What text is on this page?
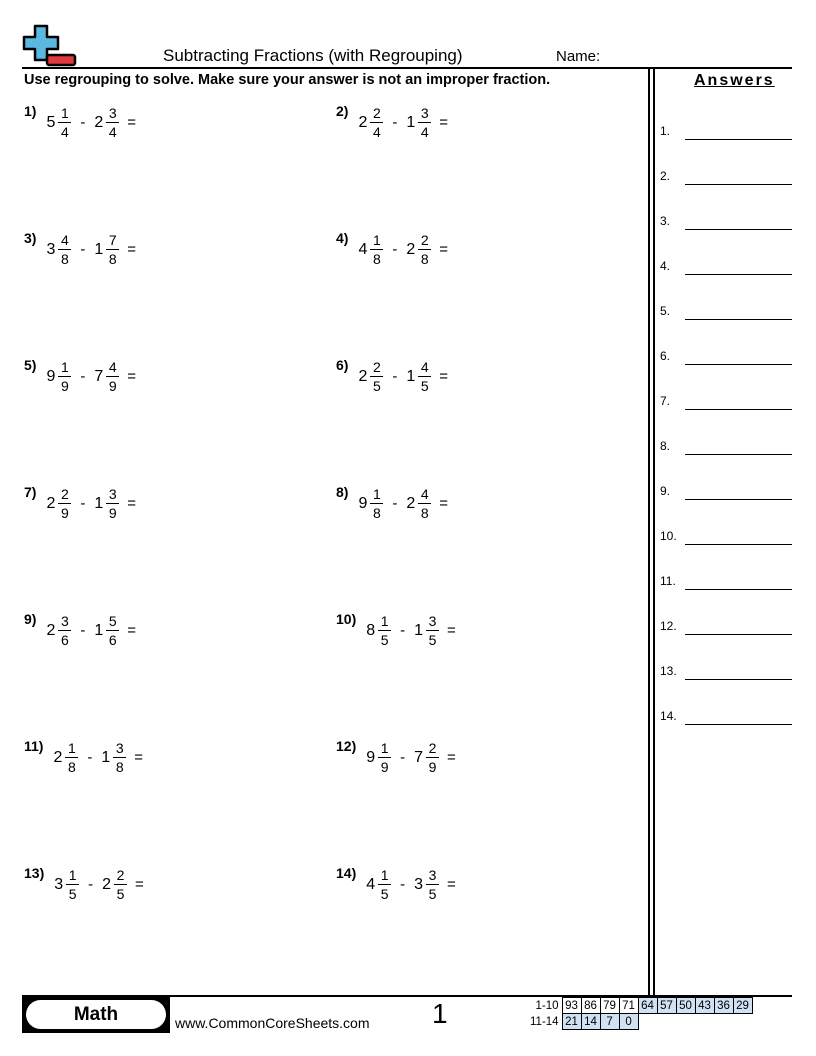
Subtracting Fractions (with Regrouping)	Name:
Use regrouping to solve. Make sure your answer is not an improper fraction.
1)
$5 \frac{1}{4} - 2 \frac{3}{4}$ =
2)
$2 \frac{2}{4} - 1 \frac{3}{4}$ =
3)
$3 \frac{4}{8} - 1 \frac{7}{8}$ =
4)
$4 \frac{1}{8} - 2 \frac{2}{8}$ =
5)
$9 \frac{1}{9} - 7 \frac{4}{9}$ =
6)
$2 \frac{2}{5} - 1 \frac{4}{5}$ =
7)
$2 \frac{2}{9} - 1 \frac{3}{9}$ =
8)
$9 \frac{1}{8} - 2 \frac{4}{8}$ =
9)
$2 \frac{3}{6} - 1 \frac{5}{6}$ =
10)
$8 \frac{1}{5} - 1 \frac{3}{5}$ =
11)
$2 \frac{1}{8} - 1 \frac{3}{8}$ =
12)
$9 \frac{1}{9} - 7 \frac{2}{9}$ =
13)
$3 \frac{1}{5} - 2 \frac{2}{5}$ =
14)
$4 \frac{1}{5} - 3 \frac{3}{5}$ =
Answers
1.
2.
3.
4.
5.
6.
7.
8.
9.
10.
11.
12.
13.
14.
Math	www.CommonCoreSheets.com 1	1-10	93	86	79	71	64	57	50	43	36	29
11-14	21	14	7	0						
